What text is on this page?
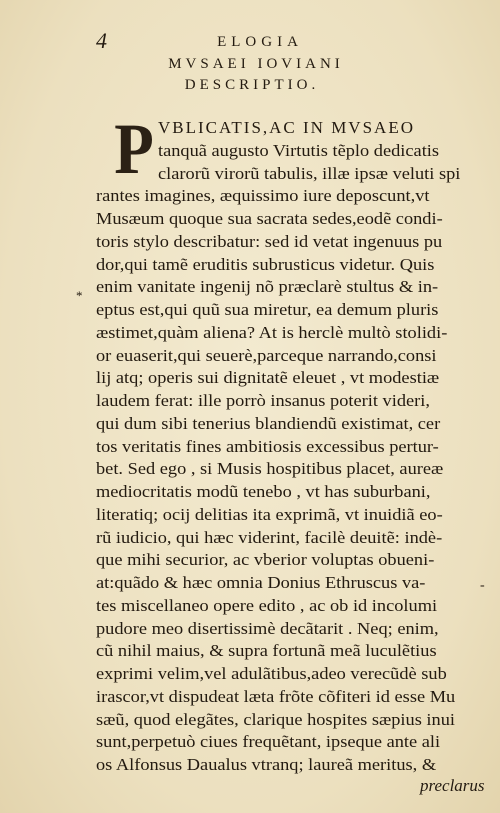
4	ELOGIA
MVSAEI IOVIANI
DESCRIPTIO.
P
*
-
VBLICATIS,AC IN MVSAEO
tanquã augusto Virtutis tẽplo dedicatis
clarorũ virorũ tabulis, illæ ipsæ veluti spi
rantes imagines, æquissimo iure deposcunt,vt
Musæum quoque sua sacrata sedes,eodẽ condi-
toris stylo describatur: sed id vetat ingenuus pu
dor,qui tamẽ eruditis subrusticus videtur. Quis
enim vanitate ingenij nõ præclarè stultus & in-
eptus est,qui quũ sua miretur, ea demum pluris
æstimet,quàm aliena? At is herclè multò stolidi-
or euaserit,qui seuerè,parceque narrando,consi
lij atq; operis sui dignitatẽ eleuet , vt modestiæ
laudem ferat: ille porrò insanus poterit videri,
qui dum sibi tenerius blandiendũ existimat, cer
tos veritatis fines ambitiosis excessibus pertur-
bet. Sed ego , si Musis hospitibus placet, aureæ
mediocritatis modũ tenebo , vt has suburbani,
literatiq; ocij delitias ita exprimã, vt inuidiã eo-
rũ iudicio, qui hæc viderint, facilè deuitẽ: indè-
que mihi securior, ac vberior voluptas obueni-
at:quãdo & hæc omnia Donius Ethruscus va-
tes miscellaneo opere edito , ac ob id incolumi
pudore meo disertissimè decãtarit . Neq; enim,
cũ nihil maius, & supra fortunã meã luculẽtius
exprimi velim,vel adulãtibus,adeo verecũdè sub
irascor,vt dispudeat læta frõte cõfiteri id esse Mu
sæũ, quod elegãtes, clarique hospites sæpius inui
sunt,perpetuò ciues frequẽtant, ipseque ante ali
os Alfonsus Daualus vtranq; laureã meritus, &
preclarus
